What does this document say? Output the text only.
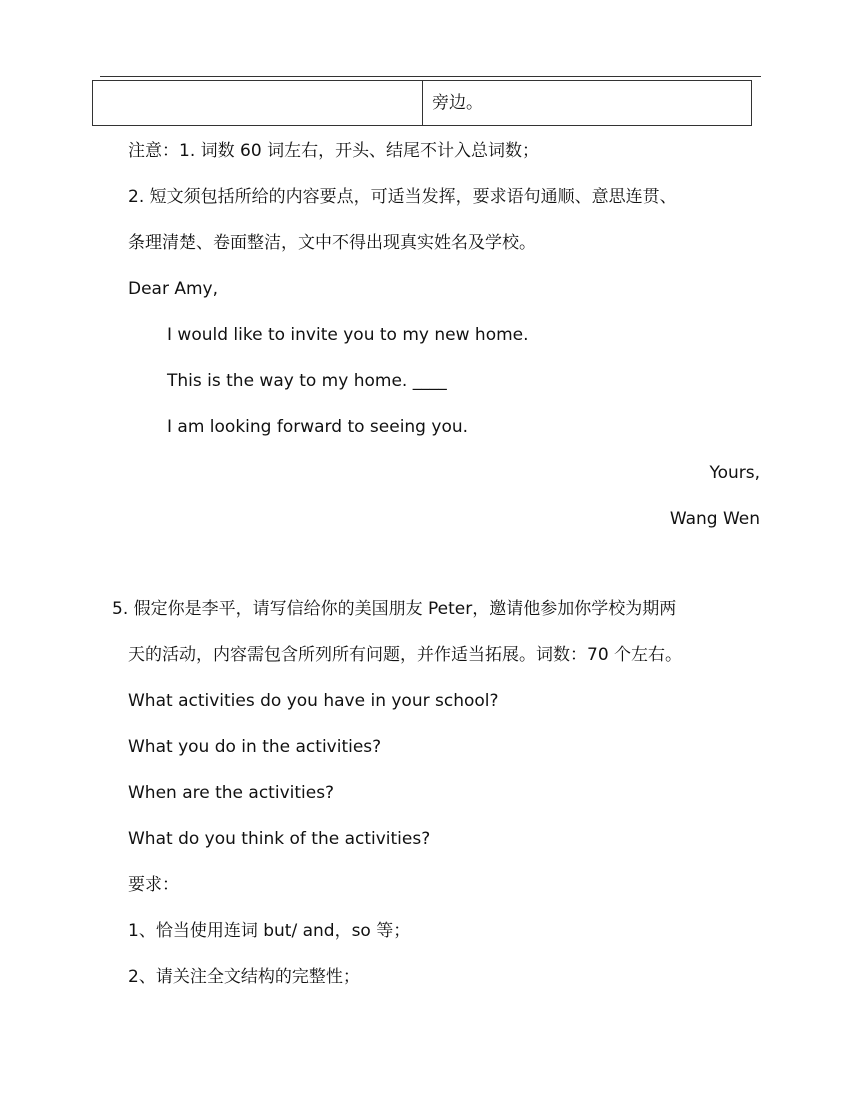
旁边。
注意：1. 词数 60 词左右，开头、结尾不计入总词数；
2. 短文须包括所给的内容要点，可适当发挥，要求语句通顺、意思连贯、
条理清楚、卷面整洁，文中不得出现真实姓名及学校。
Dear Amy,
I would like to invite you to my new home.
This is the way to my home. ____
I am looking forward to seeing you.
Yours,
Wang Wen
5. 假定你是李平，请写信给你的美国朋友 Peter，邀请他参加你学校为期两
天的活动，内容需包含所列所有问题，并作适当拓展。词数：70 个左右。
What activities do you have in your school?
What you do in the activities?
When are the activities?
What do you think of the activities?
要求：
1、恰当使用连词 but/ and，so 等；
2、请关注全文结构的完整性；
